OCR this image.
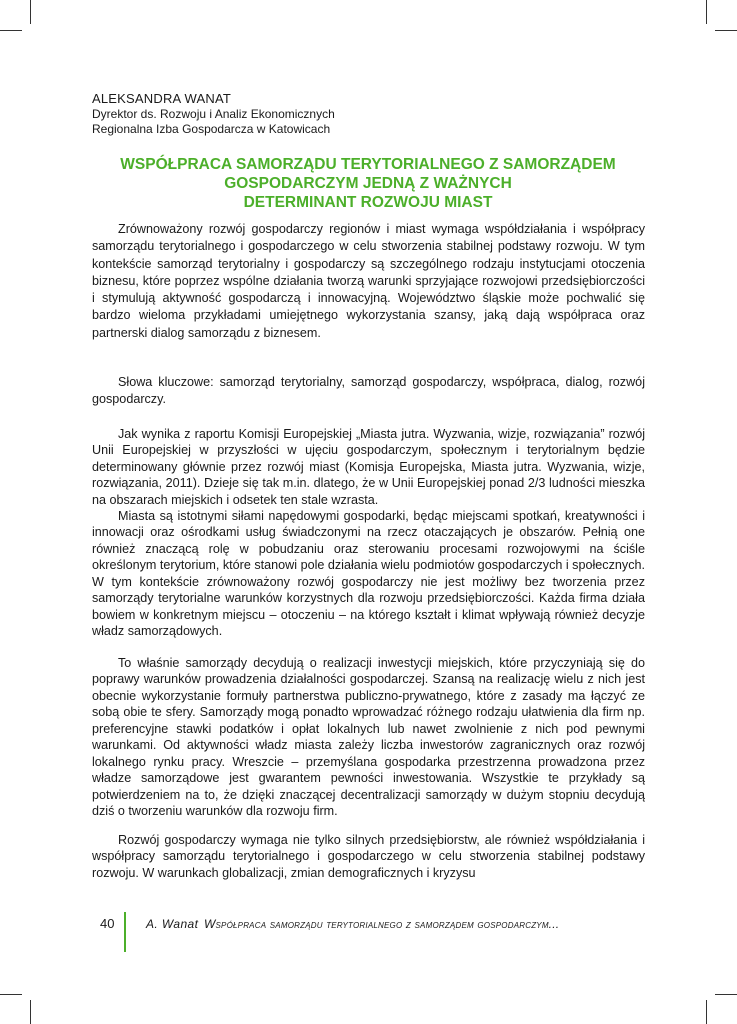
ALEKSANDRA WANAT
Dyrektor ds. Rozwoju i Analiz Ekonomicznych
Regionalna Izba Gospodarcza w Katowicach
WSPÓŁPRACA SAMORZĄDU TERYTORIALNEGO Z SAMORZĄDEM
GOSPODARCZYM JEDNĄ Z WAŻNYCH
DETERMINANT ROZWOJU MIAST

Zrównoważony rozwój gospodarczy regionów i miast wymaga współdziałania i współpracy samorządu terytorialnego i gospodarczego w celu stworzenia stabilnej podstawy rozwoju. W tym kontekście samorząd terytorialny i gospodarczy są szczególnego rodzaju instytucjami otoczenia biznesu, które poprzez wspólne działania tworzą warunki sprzyjające rozwojowi przedsiębiorczości i stymulują aktywność gospodarczą i innowacyjną. Województwo śląskie może pochwalić się bardzo wieloma przykładami umiejętnego wykorzystania szansy, jaką dają współpraca oraz partnerski dialog samorządu z biznesem.

Słowa kluczowe: samorząd terytorialny, samorząd gospodarczy, współpraca, dialog, rozwój gospodarczy.

Jak wynika z raportu Komisji Europejskiej „Miasta jutra. Wyzwania, wizje, rozwiązania” rozwój Unii Europejskiej w przyszłości w ujęciu gospodarczym, społecznym i terytorialnym będzie determinowany głównie przez rozwój miast (Komisja Europejska, Miasta jutra. Wyzwania, wizje, rozwiązania, 2011). Dzieje się tak m.in. dlatego, że w Unii Europejskiej ponad 2/3 ludności mieszka na obszarach miejskich i odsetek ten stale wzrasta.

Miasta są istotnymi siłami napędowymi gospodarki, będąc miejscami spotkań, kreatywności i innowacji oraz ośrodkami usług świadczonymi na rzecz otaczających je obszarów. Pełnią one również znaczącą rolę w pobudzaniu oraz sterowaniu procesami rozwojowymi na ściśle określonym terytorium, które stanowi pole działania wielu podmiotów gospodarczych i społecznych. W tym kontekście zrównoważony rozwój gospodarczy nie jest możliwy bez tworzenia przez samorządy terytorialne warunków korzystnych dla rozwoju przedsiębiorczości. Każda firma działa bowiem w konkretnym miejscu – otoczeniu – na którego kształt i klimat wpływają również decyzje władz samorządowych.

To właśnie samorządy decydują o realizacji inwestycji miejskich, które przyczyniają się do poprawy warunków prowadzenia działalności gospodarczej. Szansą na realizację wielu z nich jest obecnie wykorzystanie formuły partnerstwa publiczno-prywatnego, które z zasady ma łączyć ze sobą obie te sfery. Samorządy mogą ponadto wprowadzać różnego rodzaju ułatwienia dla firm np. preferencyjne stawki podatków i opłat lokalnych lub nawet zwolnienie z nich pod pewnymi warunkami. Od aktywności władz miasta zależy liczba inwestorów zagranicznych oraz rozwój lokalnego rynku pracy. Wreszcie – przemyślana gospodarka przestrzenna prowadzona przez władze samorządowe jest gwarantem pewności inwestowania. Wszystkie te przykłady są potwierdzeniem na to, że dzięki znaczącej decentralizacji samorządy w dużym stopniu decydują dziś o tworzeniu warunków dla rozwoju firm.

Rozwój gospodarczy wymaga nie tylko silnych przedsiębiorstw, ale również współdziałania i współpracy samorządu terytorialnego i gospodarczego w celu stworzenia stabilnej podstawy rozwoju. W warunkach globalizacji, zmian demograficznych i kryzysu

40	A. Wanat Współpraca samorządu terytorialnego z samorządem gospodarczym...
